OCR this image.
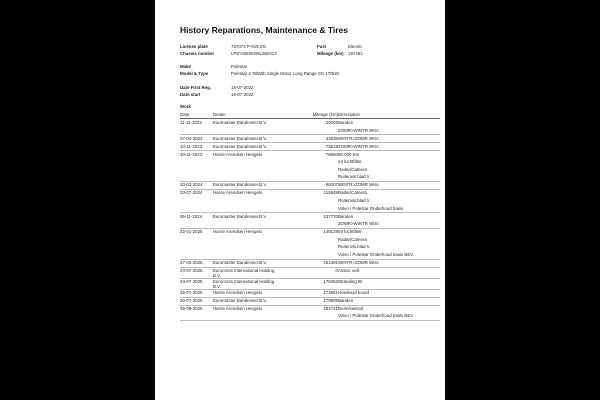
History Reparations, Maintenance & Tires
License plate	767074 P-919-ZG	Fuel	Electric
Chassis number	LPSVSBSE0NL082013	Mileage (km) 197252
Make	Polestar
Model & Type	Polestar 2 78kWh Single Motor Long Range SD 170kW
Date First Reg.	15-07-2022
Date start	15-07-2022
Work
Date	Dealer	Mileage (km) Description
11-11-2022	Euromaster Bandenser.B.V.	20002 Banden
ZOMR>WINTR Wiss
07-04-2023 Euromaster Bandenser.B.V.	43835 WINTR>ZOMR Wiss
10-11-2023 Euromaster Bandenser.B.V.	75618 ZOMR>WINTR Wiss
29-11-2023 Harrie Arendsen Hengelo	78660 60.000 Km
Int luchtfilter
Radar/Camera
Ruitenvis.blad V
20-03-2024 Euromaster Bandenser.B.V.	96307 WINTR>ZOMR Wiss
03-07-2024 Harrie Arendsen Hengelo	115948 Radar/Camera
Ruitenvis.blad V
Volvo / Polestar Onderhoud basis
06-11-2024 Euromaster Bandenser.B.V.	137770 Banden
ZOMR>WINTR Wiss
22-01-2025 Harrie Arendsen Hengelo	149129 Int luchtfilter
Radar/Camera
Ruitenvis.blad V
Volvo / Polestar Onderhoud basis BEV
27-03-2025 Euromaster Bandenser.B.V.	161391 WINTR>ZOMR Wiss
24-07-2025 Eurocross International Holding
B.V.
0 Assist. verl.
24-07-2025 Eurocross International Holding
B.V.
179263 Stranding BI
25-07-2025 Harrie Arendsen Hengelo	174551 Hoedenpl koord
30-07-2025 Euromaster Bandenser.B.V.	179905 Banden
29-08-2025 Harrie Arendsen Hengelo	184721 Remvloeistof
Volvo / Polestar Onderhoud basis BEV
